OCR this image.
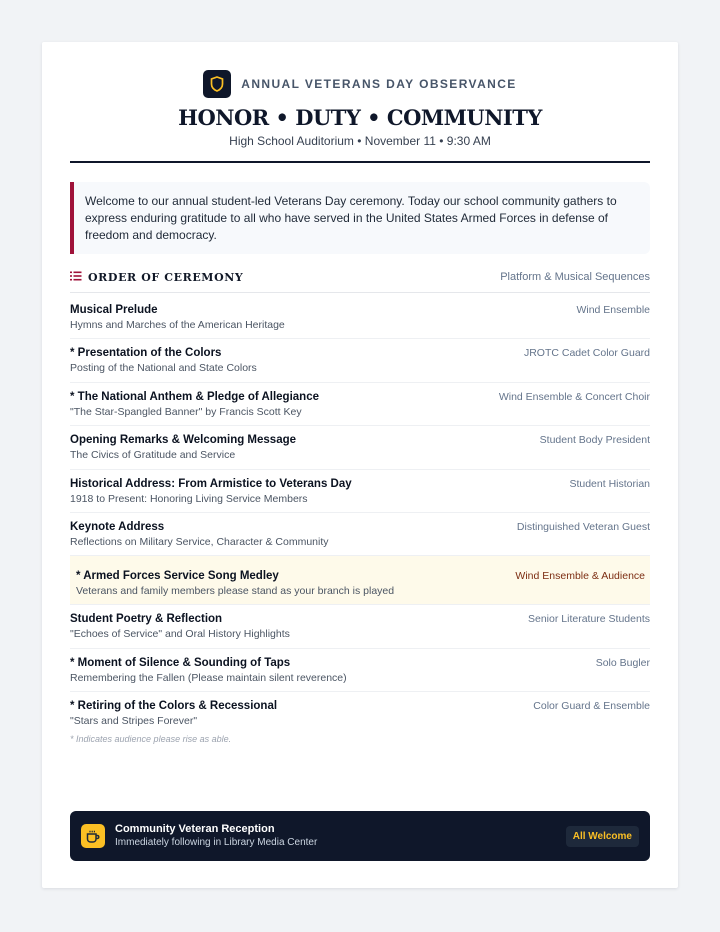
ANNUAL VETERANS DAY OBSERVANCE
HONOR • DUTY • COMMUNITY
High School Auditorium • November 11 • 9:30 AM
Welcome to our annual student-led Veterans Day ceremony. Today our school community gathers to express enduring gratitude to all who have served in the United States Armed Forces in defense of freedom and democracy.
ORDER OF CEREMONY	Platform & Musical Sequences
Musical Prelude
Hymns and Marches of the American Heritage
Wind Ensemble
* Presentation of the Colors
Posting of the National and State Colors
JROTC Cadet Color Guard
* The National Anthem & Pledge of Allegiance
"The Star-Spangled Banner" by Francis Scott Key
Wind Ensemble & Concert Choir
Opening Remarks & Welcoming Message
The Civics of Gratitude and Service
Student Body President
Historical Address: From Armistice to Veterans Day
1918 to Present: Honoring Living Service Members
Student Historian
Keynote Address
Reflections on Military Service, Character & Community
Distinguished Veteran Guest
* Armed Forces Service Song Medley
Veterans and family members please stand as your branch is played
Wind Ensemble & Audience
Student Poetry & Reflection
"Echoes of Service" and Oral History Highlights
Senior Literature Students
* Moment of Silence & Sounding of Taps
Remembering the Fallen (Please maintain silent reverence)
Solo Bugler
* Retiring of the Colors & Recessional
"Stars and Stripes Forever"
Color Guard & Ensemble
* Indicates audience please rise as able.
Community Veteran Reception
Immediately following in Library Media Center
All Welcome
